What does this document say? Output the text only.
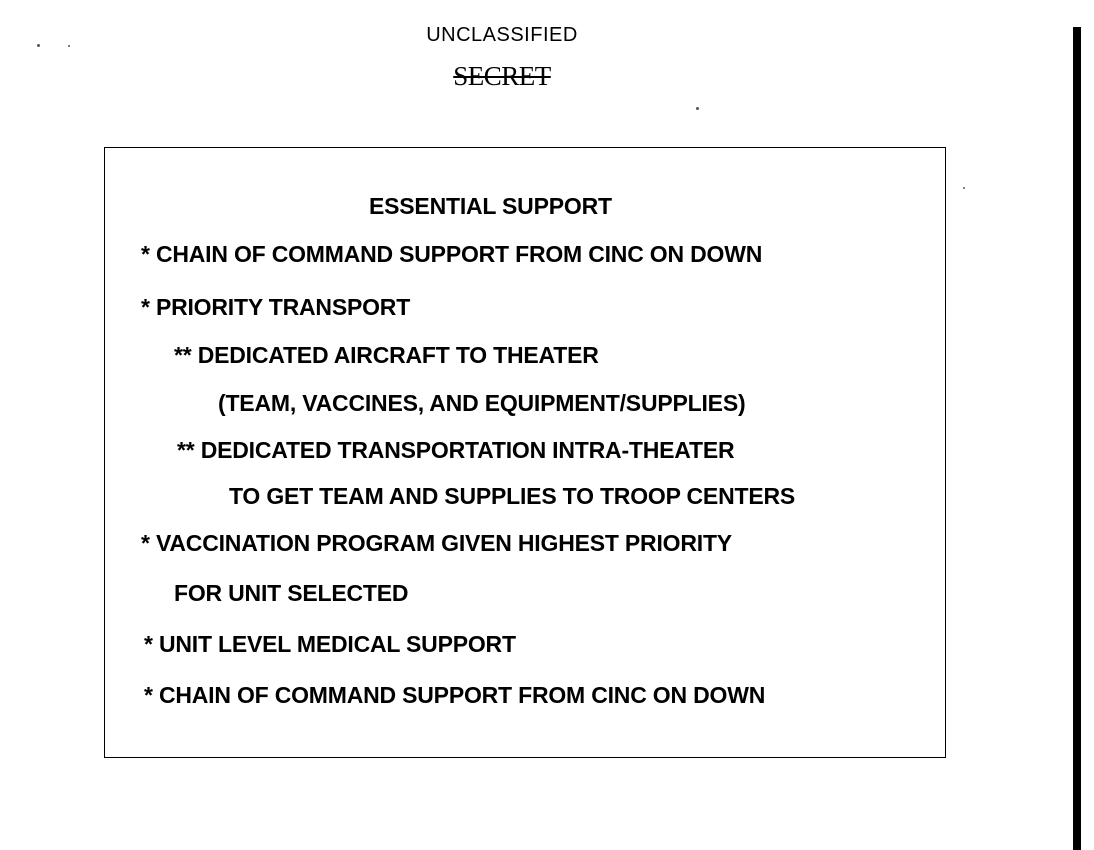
UNCLASSIFIED
SECRET
ESSENTIAL SUPPORT
* CHAIN OF COMMAND SUPPORT FROM CINC ON DOWN
* PRIORITY TRANSPORT
** DEDICATED AIRCRAFT TO THEATER
(TEAM, VACCINES, AND EQUIPMENT/SUPPLIES)
** DEDICATED TRANSPORTATION INTRA-THEATER
TO GET TEAM AND SUPPLIES TO TROOP CENTERS
* VACCINATION PROGRAM GIVEN HIGHEST PRIORITY
FOR UNIT SELECTED
* UNIT LEVEL MEDICAL SUPPORT
* CHAIN OF COMMAND SUPPORT FROM CINC ON DOWN
